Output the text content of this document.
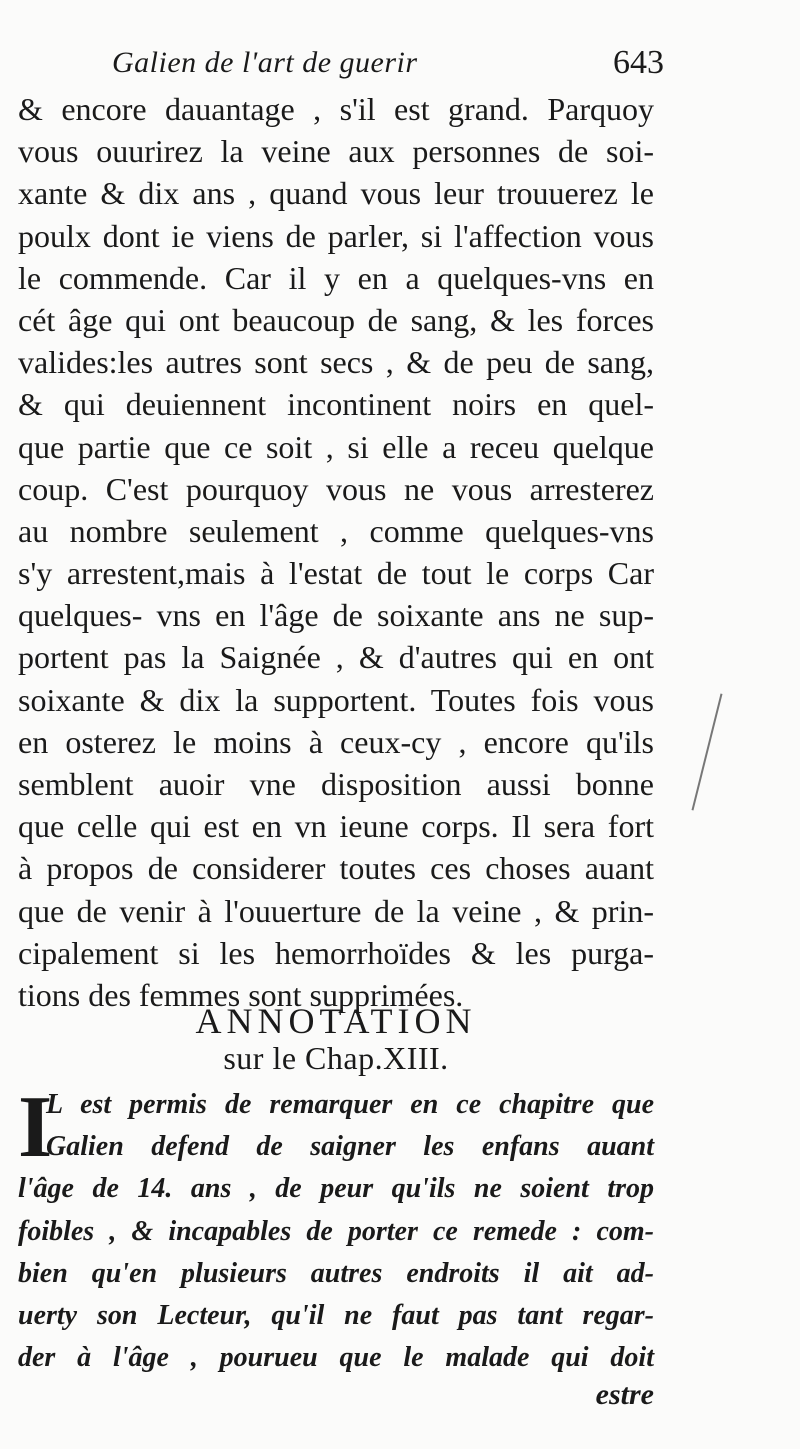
Galien de l'art de guerir	643
& encore dauantage , s'il est grand. Parquoy
vous ouurirez la veine aux personnes de soi-
xante & dix ans , quand vous leur trouuerez le
poulx dont ie viens de parler, si l'affection vous
le commende. Car il y en a quelques-vns en
cét âge qui ont beaucoup de sang, & les forces
valides:les autres sont secs , & de peu de sang,
& qui deuiennent incontinent noirs en quel-
que partie que ce soit , si elle a receu quelque
coup. C'est pourquoy vous ne vous arresterez
au nombre seulement , comme quelques-vns
s'y arrestent,mais à l'estat de tout le corps Car
quelques- vns en l'âge de soixante ans ne sup-
portent pas la Saignée , & d'autres qui en ont
soixante & dix la supportent. Toutes fois vous
en osterez le moins à ceux-cy , encore qu'ils
semblent auoir vne disposition aussi bonne
que celle qui est en vn ieune corps. Il sera fort
à propos de considerer toutes ces choses auant
que de venir à l'ouuerture de la veine , & prin-
cipalement si les hemorrhoïdes & les purga-
tions des femmes sont supprimées.
ANNOTATION
sur le Chap.XIII.
I
L est permis de remarquer en ce chapitre que
Galien defend de saigner les enfans auant
l'âge de 14. ans , de peur qu'ils ne soient trop
foibles , & incapables de porter ce remede : com-
bien qu'en plusieurs autres endroits il ait ad-
uerty son Lecteur, qu'il ne faut pas tant regar-
der à l'âge , pourueu que le malade qui doit
estre
